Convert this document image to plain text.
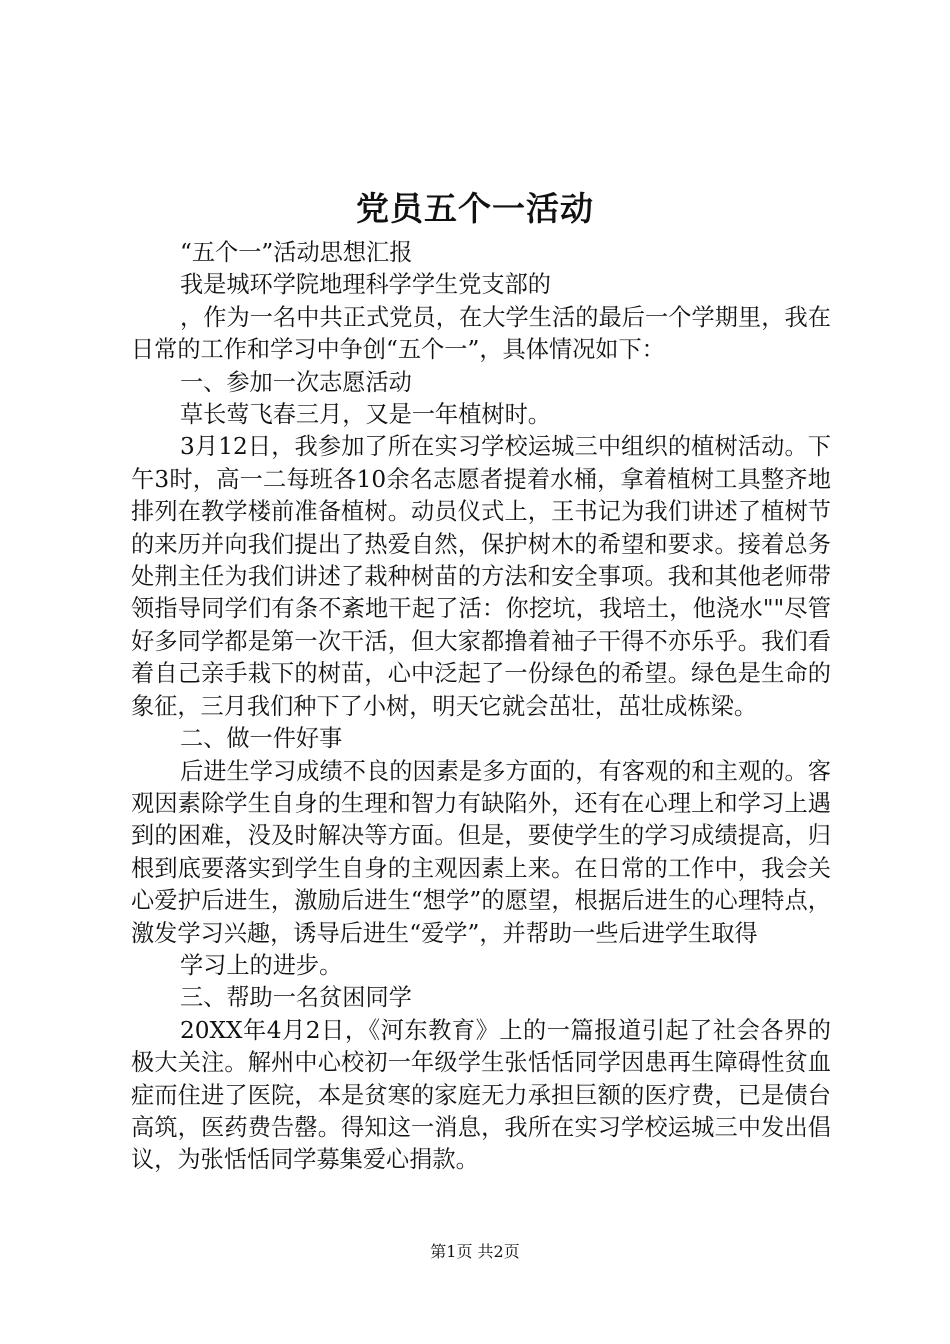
党员五个一活动

“五个一”活动思想汇报

我是城环学院地理科学学生党支部的

，作为一名中共正式党员，在大学生活的最后一个学期里，我在日常的工作和学习中争创“五个一”，具体情况如下：

一、参加一次志愿活动

草长莺飞春三月，又是一年植树时。

3月12日，我参加了所在实习学校运城三中组织的植树活动。下午3时，高一二每班各10余名志愿者提着水桶，拿着植树工具整齐地排列在教学楼前准备植树。动员仪式上，王书记为我们讲述了植树节的来历并向我们提出了热爱自然，保护树木的希望和要求。接着总务处荆主任为我们讲述了栽种树苗的方法和安全事项。我和其他老师带领指导同学们有条不紊地干起了活：你挖坑，我培土，他浇水""尽管好多同学都是第一次干活，但大家都撸着袖子干得不亦乐乎。我们看着自己亲手栽下的树苗，心中泛起了一份绿色的希望。绿色是生命的象征，三月我们种下了小树，明天它就会茁壮，茁壮成栋梁。

二、做一件好事

后进生学习成绩不良的因素是多方面的，有客观的和主观的。客观因素除学生自身的生理和智力有缺陷外，还有在心理上和学习上遇到的困难，没及时解决等方面。但是，要使学生的学习成绩提高，归根到底要落实到学生自身的主观因素上来。在日常的工作中，我会关心爱护后进生，激励后进生“想学”的愿望，根据后进生的心理特点，激发学习兴趣，诱导后进生“爱学”，并帮助一些后进学生取得

学习上的进步。

三、帮助一名贫困同学

20XX年4月2日，《河东教育》上的一篇报道引起了社会各界的极大关注。解州中心校初一年级学生张恬恬同学因患再生障碍性贫血症而住进了医院，本是贫寒的家庭无力承担巨额的医疗费，已是债台高筑，医药费告罄。得知这一消息，我所在实习学校运城三中发出倡议，为张恬恬同学募集爱心捐款。

第1页 共2页
